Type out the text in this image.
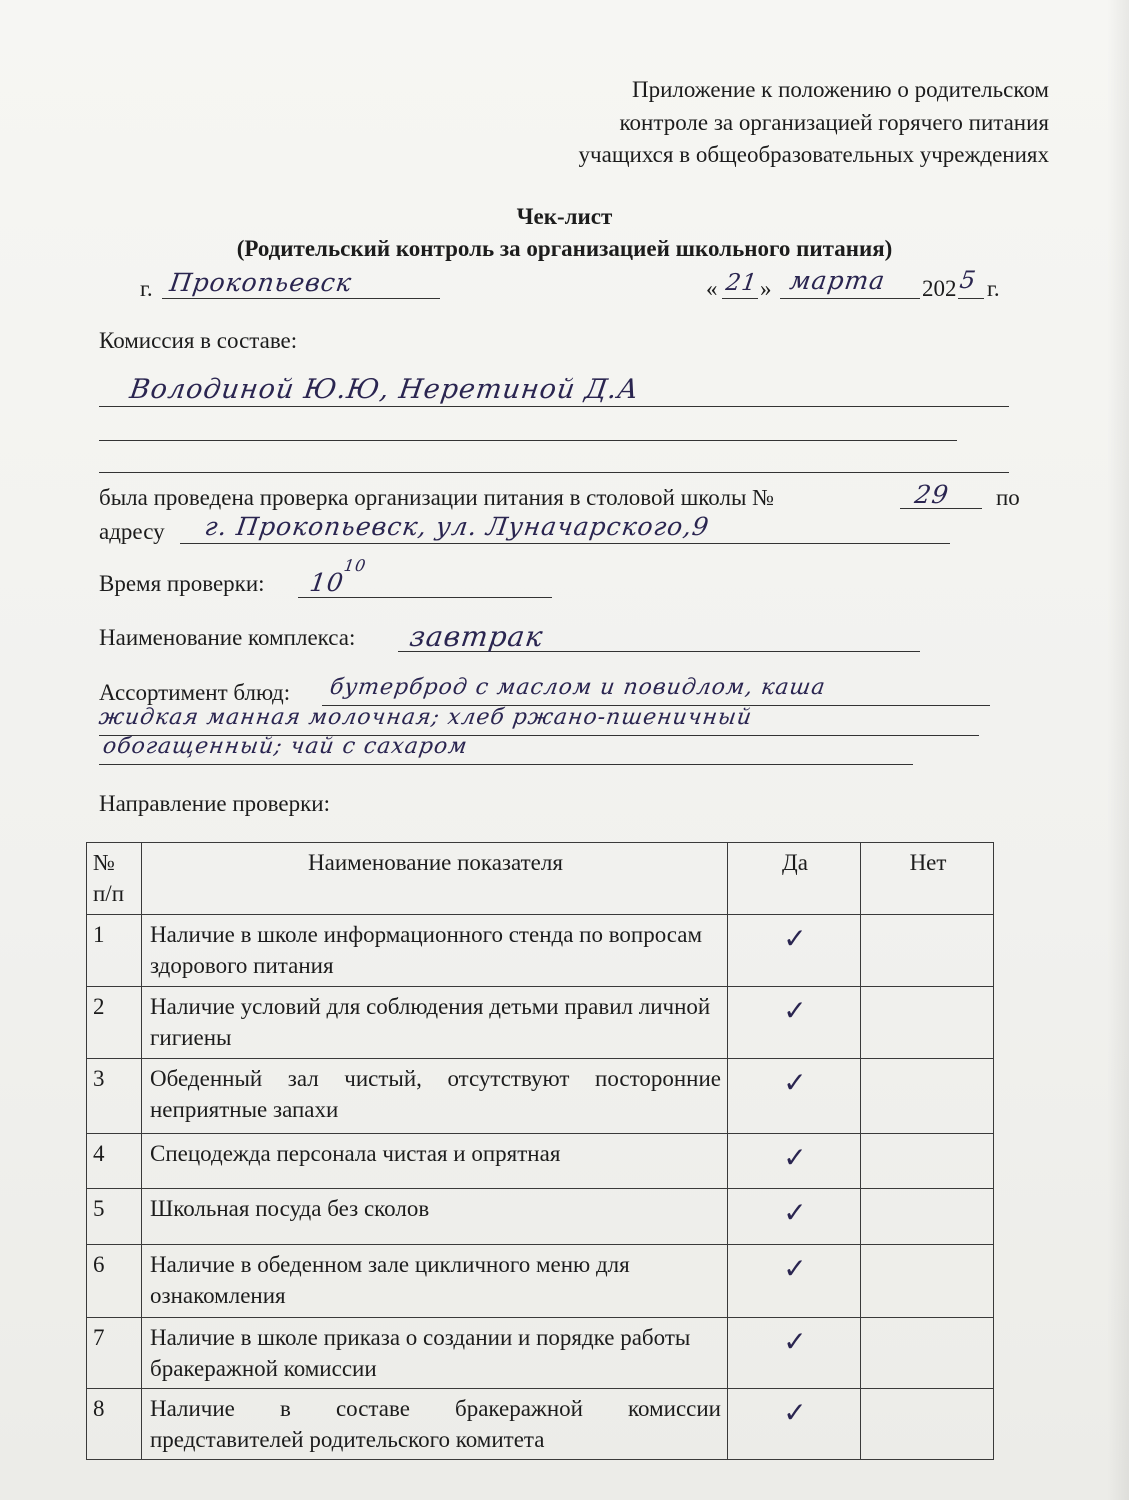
Приложение к положению о родительском
контроле за организацией горячего питания
учащихся в общеобразовательных учреждениях
Чек-лист
(Родительский контроль за организацией школьного питания)
г. Прокопьевск	« 21 » марта 202 5 г.
Комиссия в составе:
Володиной Ю.Ю, Неретиной Д.А
была проведена проверка организации питания в столовой школы №	29 по
адресу г. Прокопьевск, ул. Луначарского,9
Время проверки: 10
10
Наименование комплекса: завтрак
Ассортимент блюд: бутерброд с маслом и повидлом, каша
жидкая манная молочная; хлеб ржано-пшеничный
обогащенный; чай с сахаром
Направление проверки:
№ п/п	Наименование показателя	Да	Нет
1	Наличие в школе информационного стенда по вопросам здорового питания	✓	
2	Наличие условий для соблюдения детьми правил личной гигиены	✓	
3	Обеденный зал чистый, отсутствуют посторонние неприятные запахи	✓	
4	Спецодежда персонала чистая и опрятная	✓	
5	Школьная посуда без сколов	✓	
6	Наличие в обеденном зале цикличного меню для ознакомления	✓	
7	Наличие в школе приказа о создании и порядке работы бракеражной комиссии	✓	
8	Наличие в составе бракеражной комиссии представителей родительского комитета	✓	
